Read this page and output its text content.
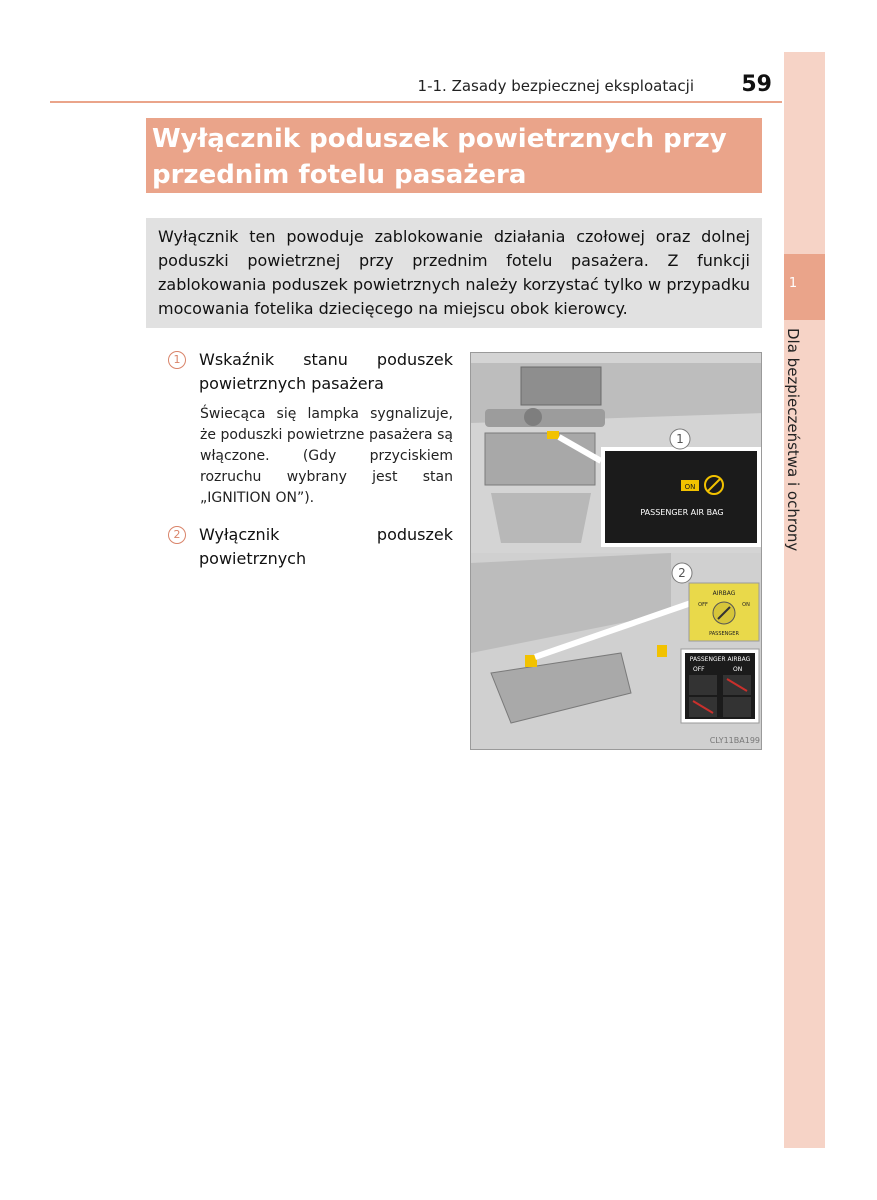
1
Dla bezpieczeństwa i ochrony
1-1. Zasady bezpiecznej eksploatacji	59
Wyłącznik poduszek powietrznych przy przednim fotelu pasażera
Wyłącznik ten powoduje zablokowanie działania czołowej oraz dolnej poduszki powietrznej przy przednim fotelu pasażera. Z funkcji zablokowania poduszek powietrznych należy korzystać tylko w przypadku mocowania fotelika dziecięcego na miejscu obok kierowcy.
1	Wskaźnik stanu poduszek powietrznych pasażera
Świecąca się lampka sygnalizuje, że poduszki powietrzne pasażera są włączone. (Gdy przyciskiem rozruchu wybrany jest stan „IGNITION ON”).
2	Wyłącznik poduszek powietrznych
1
ON
PASSENGER AIR BAG
2
AIRBAG
OFF	ON
PASSENGER
PASSENGER AIRBAG
OFF	ON
CLY11BA199
